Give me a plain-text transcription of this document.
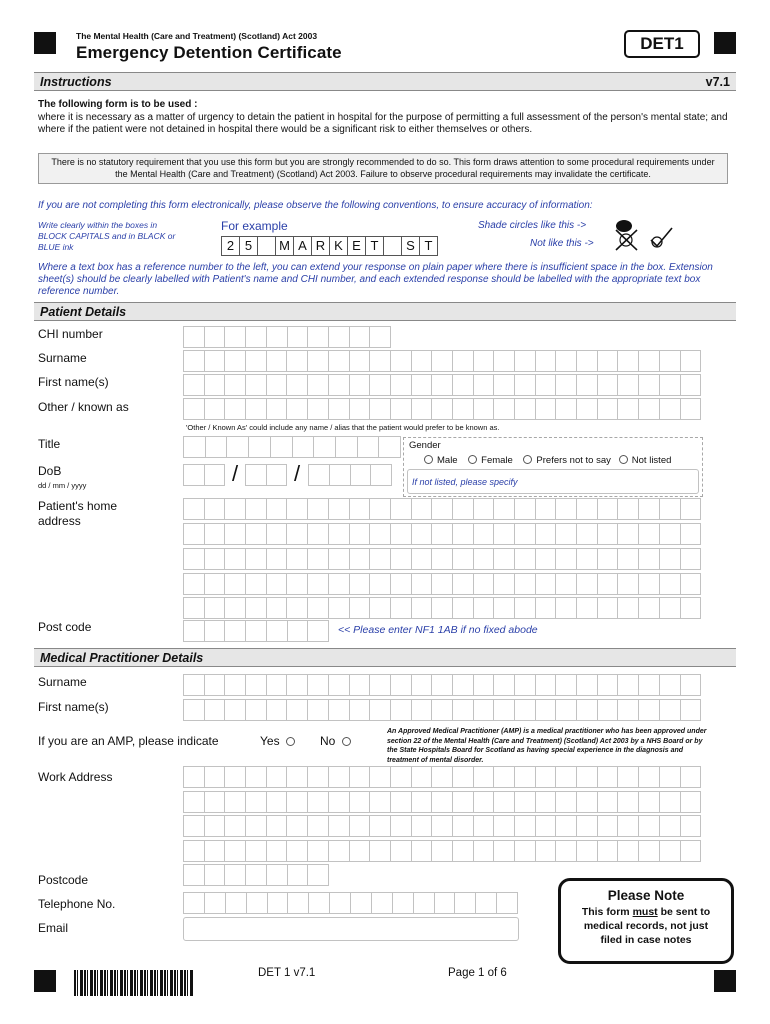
The Mental Health (Care and Treatment) (Scotland) Act 2003
Emergency Detention Certificate	DET1
Instructions	v7.1
The following form is to be used :
where it is necessary as a matter of urgency to detain the patient in hospital for the purpose of permitting a full assessment of the person's mental state; and where if the patient were not detained in hospital there would be a significant risk to either themselves or others.
There is no statutory requirement that you use this form but you are strongly recommended to do so. This form draws attention to some procedural requirements under the Mental Health (Care and Treatment) (Scotland) Act 2003. Failure to observe procedural requirements may invalidate the certificate.
If you are not completing this form electronically, please observe the following conventions, to ensure accuracy of information:
Write clearly within the boxes in BLOCK CAPITALS and in BLACK or BLUE ink
For example
2 5	M A R K E T	S T
Shade circles like this ->
Not like this ->
Where a text box has a reference number to the left, you can extend your response on plain paper where there is insufficient space in the box. Extension sheet(s) should be clearly labelled with Patient's name and CHI number, and each extended response should be labelled with the appropriate text box reference number.
Patient Details
CHI number
Surname
First name(s)
Other / known as
'Other / Known As' could include any name / alias that the patient would prefer to be known as.
Title
DoB
dd / mm / yyyy	/	/
Gender
Male Female Prefers not to say Not listed
If not listed, please specify
Patient's home address
Post code	<< Please enter NF1 1AB if no fixed abode
Medical Practitioner Details
Surname
First name(s)
If you are an AMP, please indicate	Yes	No
An Approved Medical Practitioner (AMP) is a medical practitioner who has been approved under section 22 of the Mental Health (Care and Treatment) (Scotland) Act 2003 by a NHS Board or by the State Hospitals Board for Scotland as having special experience in the diagnosis and treatment of mental disorder.
Work Address
Postcode
Telephone No.
Email
Please Note
This form must be sent to
medical records, not just
filed in case notes
DET 1 v7.1	Page 1 of 6
